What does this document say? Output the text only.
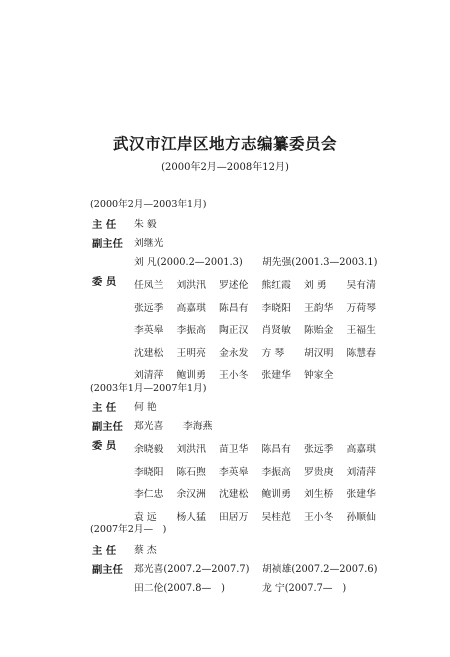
武汉市江岸区地方志编纂委员会
(2000年2月—2008年12月)
(2000年2月—2003年1月)
主 任 朱 毅
副主任 刘继光
刘 凡(2000.2—2001.3) 胡先强(2001.3—2003.1)
委 员 任凤兰 刘洪汛 罗述伦 熊红霞 刘 勇 吴有清
张远季 高嘉琪 陈昌有 李晓阳 王韵华 万荷琴
李英皋 李振高 陶正汉 肖贤敏 陈贻金 王福生
沈建松 王明亮 金永发 方 琴 胡汉明 陈慧春
刘清萍 鲍训勇 王小冬 张建华 钟家全
(2003年1月—2007年1月)
主 任 何 艳
副主任 郑光喜　　李海燕
委 员 余晓毅 刘洪汛 苗卫华 陈昌有 张远季 高嘉琪
李晓阳 陈石煦 李英皋 李振高 罗贵庚 刘清萍
李仁忠 余汉洲 沈建松 鲍训勇 刘生桥 张建华
袁 远 杨人猛 田居万 吴桂范 王小冬 孙顺仙
(2007年2月—　)
主 任 蔡 杰
副主任 郑光喜(2007.2—2007.7) 胡祯雄(2007.2—2007.6)
田二伦(2007.8—　)	龙 宁(2007.7—　)
